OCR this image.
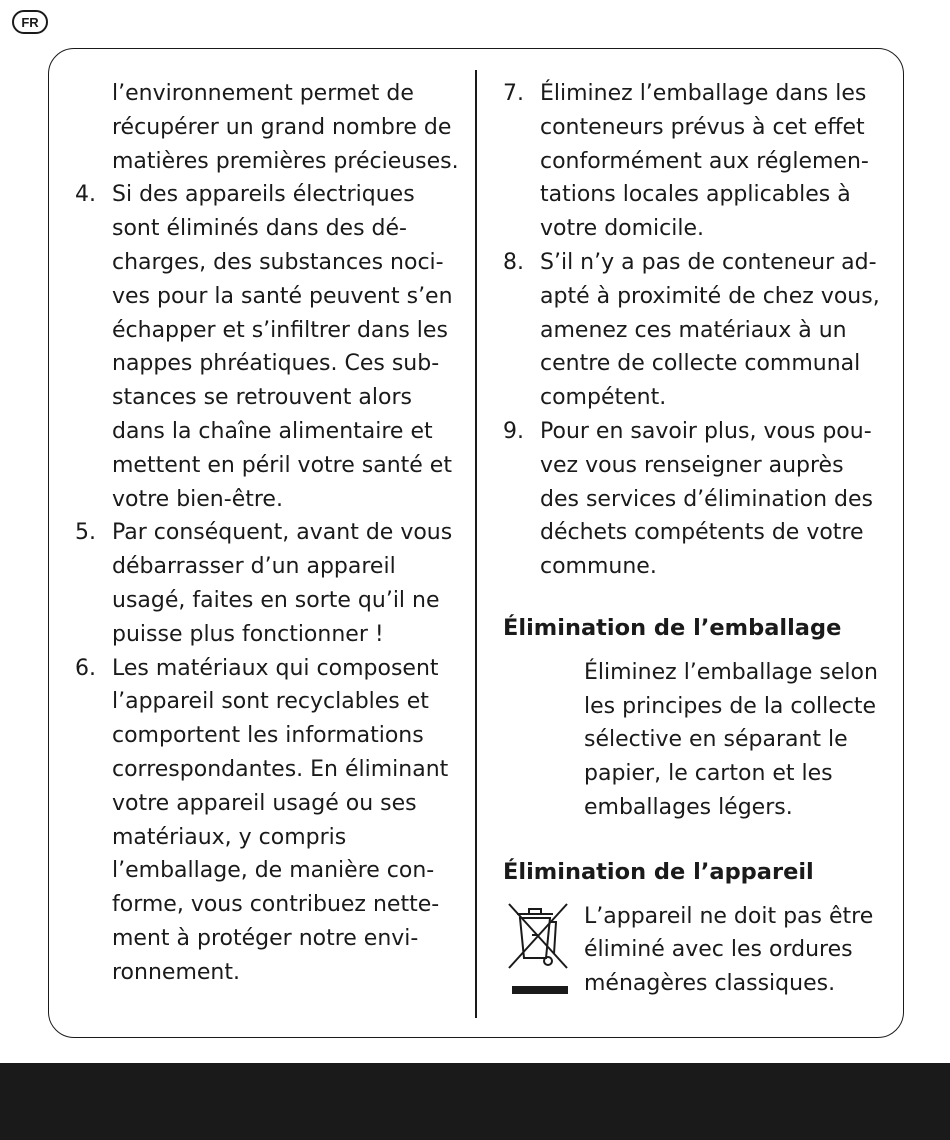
FR
l’environnement permet de récupérer un grand nombre de matières premières précieuses.
4. Si des appareils électriques sont éliminés dans des décharges, des substances nocives pour la santé peuvent s’en échapper et s’infiltrer dans les nappes phréatiques. Ces substances se retrouvent alors dans la chaîne alimentaire et mettent en péril votre santé et votre bien-être.
5. Par conséquent, avant de vous débarrasser d’un appareil usagé, faites en sorte qu’il ne puisse plus fonctionner !
6. Les matériaux qui composent l’appareil sont recyclables et comportent les informations correspondantes. En éliminant votre appareil usagé ou ses matériaux, y compris l’emballage, de manière conforme, vous contribuez nettement à protéger notre environnement.
7. Éliminez l’emballage dans les conteneurs prévus à cet effet conformément aux réglementations locales applicables à votre domicile.
8. S’il n’y a pas de conteneur adapté à proximité de chez vous, amenez ces matériaux à un centre de collecte communal compétent.
9. Pour en savoir plus, vous pouvez vous renseigner auprès des services d’élimination des déchets compétents de votre commune.
Élimination de l’emballage
Éliminez l’emballage selon les principes de la collecte sélective en séparant le papier, le carton et les emballages légers.
Élimination de l’appareil
L’appareil ne doit pas être éliminé avec les ordures ménagères classiques.
